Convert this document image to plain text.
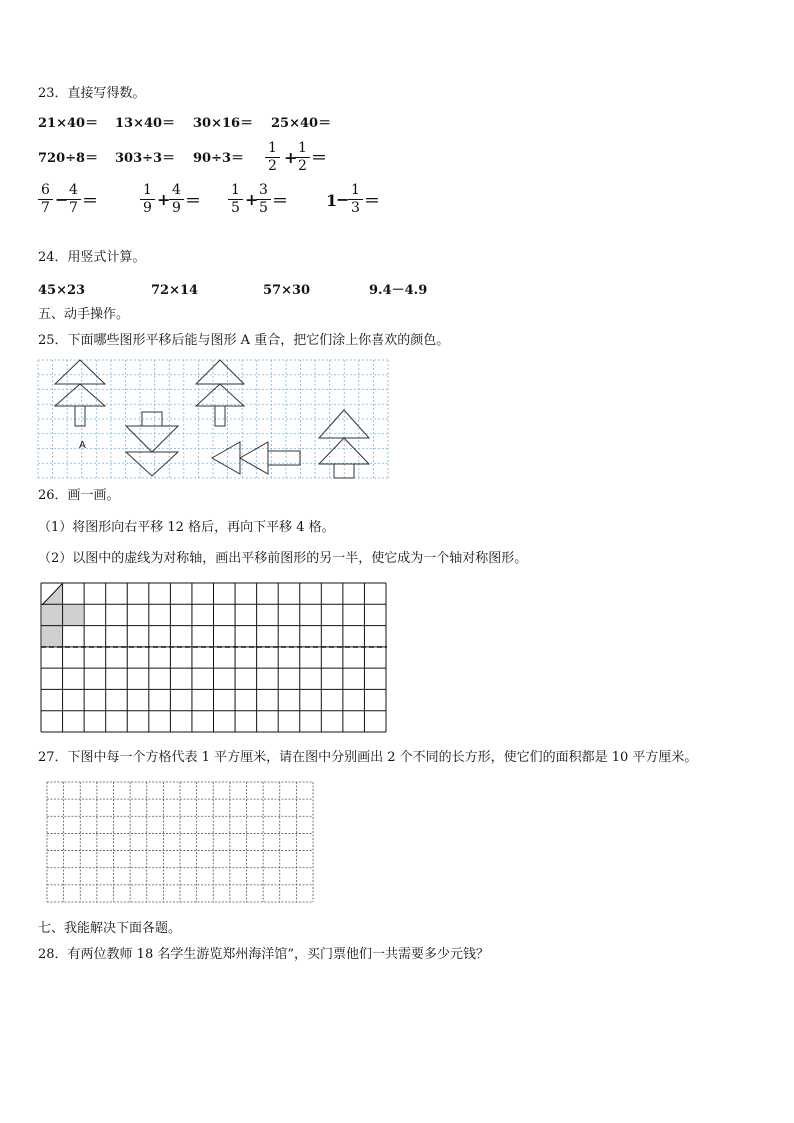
23．直接写得数。
21×40＝ 13×40＝ 30×16＝ 25×40＝
$720\div 8= 303\div 3= 90\div 3= \frac{1}{2}$ +
$\frac{1}{2}$ ＝
$\frac{6}{7}$ −
$\frac{4}{7}$ ＝	$\frac{1}{9}$ +
$\frac{4}{9} = \frac{1}{5}$ +
$\frac{3}{5} = 1$
−
$\frac{1}{3}$ ＝
24．用竖式计算。
45×23	72×14	57×30	9.4－4.9
五、动手操作。
25．下面哪些图形平移后能与图形 A 重合，把它们涂上你喜欢的颜色。
A
26．画一画。
（1）将图形向右平移 12 格后，再向下平移 4 格。
（2）以图中的虚线为对称轴，画出平移前图形的另一半，使它成为一个轴对称图形。
27．下图中每一个方格代表 1 平方厘米，请在图中分别画出 2 个不同的长方形，使它们的面积都是 10 平方厘米。
七、我能解决下面各题。
28．有两位教师 18 名学生游览郑州海洋馆”，买门票他们一共需要多少元钱？
